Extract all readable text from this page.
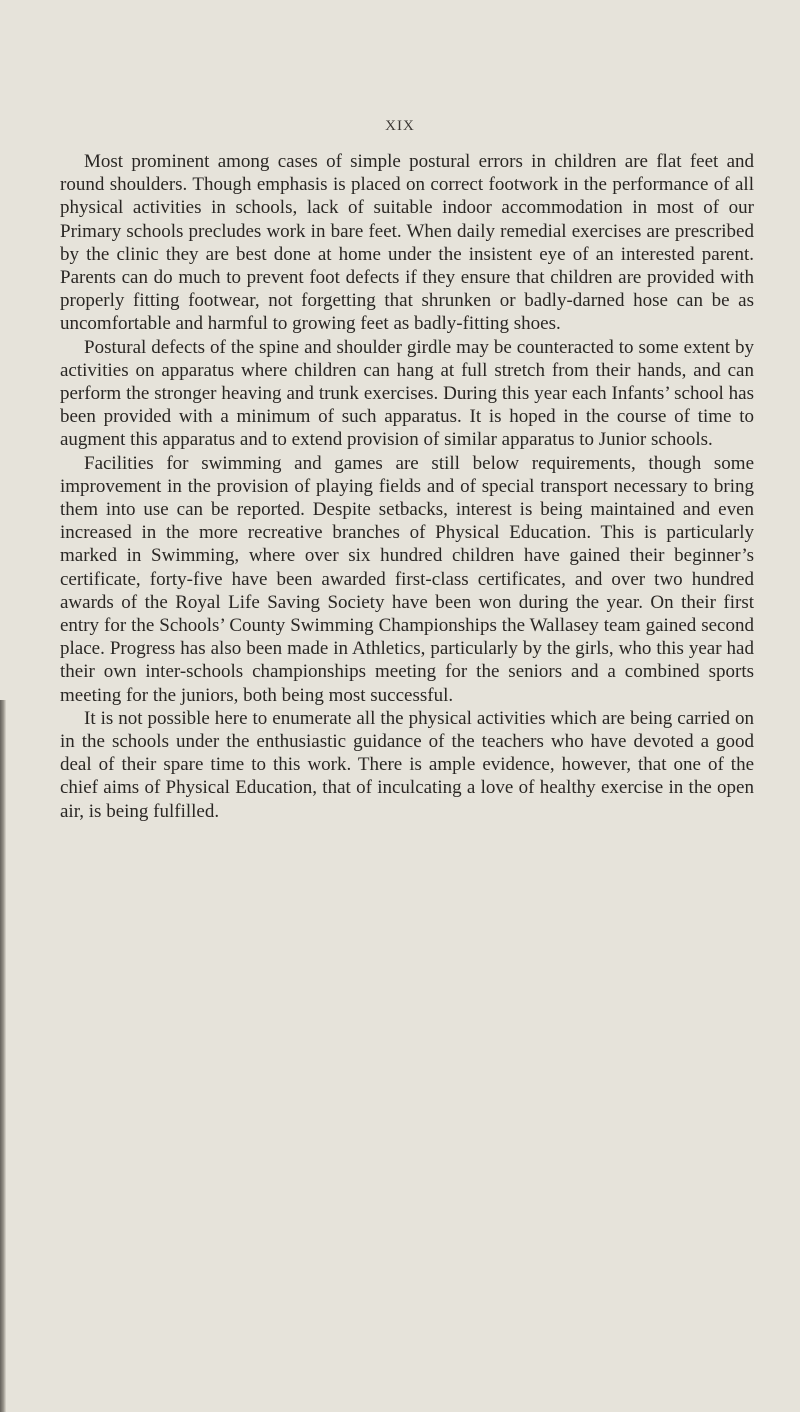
XIX

Most prominent among cases of simple postural errors in children are flat feet and round shoulders. Though emphasis is placed on correct footwork in the performance of all physical activities in schools, lack of suitable indoor accommodation in most of our Primary schools precludes work in bare feet. When daily remedial exercises are prescribed by the clinic they are best done at home under the insistent eye of an interested parent. Parents can do much to prevent foot defects if they ensure that children are provided with properly fitting footwear, not forgetting that shrunken or badly-darned hose can be as uncomfortable and harmful to growing feet as badly-fitting shoes.

Postural defects of the spine and shoulder girdle may be counteracted to some extent by activities on apparatus where children can hang at full stretch from their hands, and can perform the stronger heaving and trunk exercises. During this year each Infants’ school has been provided with a minimum of such apparatus. It is hoped in the course of time to augment this apparatus and to extend provision of similar apparatus to Junior schools.

Facilities for swimming and games are still below requirements, though some improvement in the provision of playing fields and of special transport necessary to bring them into use can be reported. Despite setbacks, interest is being maintained and even increased in the more recreative branches of Physical Education. This is particularly marked in Swimming, where over six hundred children have gained their beginner’s certificate, forty-five have been awarded first-class certificates, and over two hundred awards of the Royal Life Saving Society have been won during the year. On their first entry for the Schools’ County Swimming Championships the Wallasey team gained second place. Progress has also been made in Athletics, particularly by the girls, who this year had their own inter-schools championships meeting for the seniors and a combined sports meeting for the juniors, both being most successful.

It is not possible here to enumerate all the physical activities which are being carried on in the schools under the enthusiastic guidance of the teachers who have devoted a good deal of their spare time to this work. There is ample evidence, however, that one of the chief aims of Physical Education, that of inculcating a love of healthy exercise in the open air, is being fulfilled.
